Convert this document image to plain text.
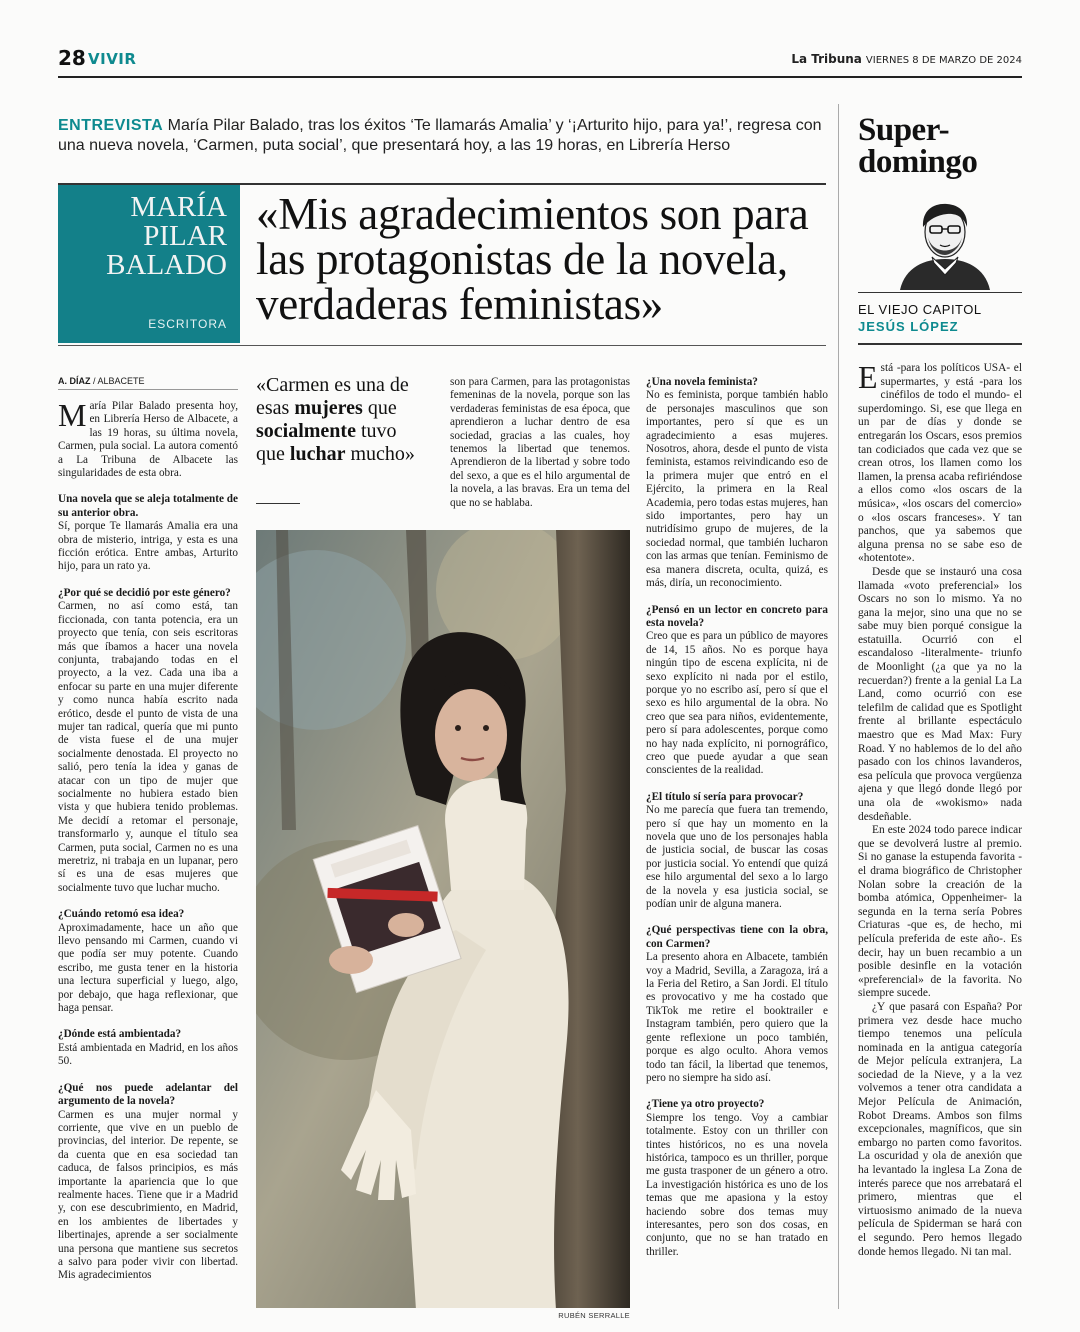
28 VIVIR	La Tribuna VIERNES 8 DE MARZO DE 2024
ENTREVISTA María Pilar Balado, tras los éxitos ‘Te llamarás Amalia’ y ‘¡Arturito hijo, para ya!’, regresa con una nueva novela, ‘Carmen, puta social’, que presentará hoy, a las 19 horas, en Librería Herso
MARÍA
PILAR
BALADO
ESCRITORA
«Mis agradecimientos son para las protagonistas de la novela, verdaderas feministas»
A. DÍAZ / ALBACETE

María Pilar Balado presenta hoy, en Librería Herso de Albacete, a las 19 horas, su última novela, Carmen, pula social. La autora comentó a La Tribuna de Albacete las singularidades de esta obra.

Una novela que se aleja totalmente de su anterior obra.
Sí, porque Te llamarás Amalia era una obra de misterio, intriga, y esta es una ficción erótica. Entre ambas, Arturito hijo, para un rato ya.

¿Por qué se decidió por este género?
Carmen, no así como está, tan ficcionada, con tanta potencia, era un proyecto que tenía, con seis escritoras más que íbamos a hacer una novela conjunta, trabajando todas en el proyecto, a la vez. Cada una iba a enfocar su parte en una mujer diferente y como nunca había escrito nada erótico, desde el punto de vista de una mujer tan radical, quería que mi punto de vista fuese el de una mujer socialmente denostada. El proyecto no salió, pero tenía la idea y ganas de atacar con un tipo de mujer que socialmente no hubiera estado bien vista y que hubiera tenido problemas. Me decidí a retomar el personaje, transformarlo y, aunque el título sea Carmen, puta social, Carmen no es una meretriz, ni trabaja en un lupanar, pero sí es una de esas mujeres que socialmente tuvo que luchar mucho.

¿Cuándo retomó esa idea?
Aproximadamente, hace un año que llevo pensando mi Carmen, cuando vi que podía ser muy potente. Cuando escribo, me gusta tener en la historia una lectura superficial y luego, algo, por debajo, que haga reflexionar, que haga pensar.

¿Dónde está ambientada?
Está ambientada en Madrid, en los años 50.

¿Qué nos puede adelantar del argumento de la novela?
Carmen es una mujer normal y corriente, que vive en un pueblo de provincias, del interior. De repente, se da cuenta que en esa sociedad tan caduca, de falsos principios, es más importante la apariencia que lo que realmente haces. Tiene que ir a Madrid y, con ese descubrimiento, en Madrid, en los ambientes de libertades y libertinajes, aprende a ser socialmente una persona que mantiene sus secretos a salvo para poder vivir con libertad. Mis agradecimientos

«Carmen es una de esas mujeres que socialmente tuvo que luchar mucho»

son para Carmen, para las protagonistas femeninas de la novela, porque son las verdaderas feministas de esa época, que aprendieron a luchar dentro de esa sociedad, gracias a las cuales, hoy tenemos la libertad que tenemos. Aprendieron de la libertad y sobre todo del sexo, a que es el hilo argumental de la novela, a las bravas. Era un tema del que no se hablaba.

RUBÉN SERRALLE

¿Una novela feminista?
No es feminista, porque también hablo de personajes masculinos que son importantes, pero sí que es un agradecimiento a esas mujeres. Nosotros, ahora, desde el punto de vista feminista, estamos reivindicando eso de la primera mujer que entró en el Ejército, la primera en la Real Academia, pero todas estas mujeres, han sido importantes, pero hay un nutridísimo grupo de mujeres, de la sociedad normal, que también lucharon con las armas que tenían. Feminismo de esa manera discreta, oculta, quizá, es más, diría, un reconocimiento.

¿Pensó en un lector en concreto para esta novela?
Creo que es para un público de mayores de 14, 15 años. No es porque haya ningún tipo de escena explícita, ni de sexo explícito ni nada por el estilo, porque yo no escribo así, pero sí que el sexo es hilo argumental de la obra. No creo que sea para niños, evidentemente, pero sí para adolescentes, porque como no hay nada explícito, ni pornográfico, creo que puede ayudar a que sean conscientes de la realidad.

¿El título sí sería para provocar?
No me parecía que fuera tan tremendo, pero sí que hay un momento en la novela que uno de los personajes habla de justicia social, de buscar las cosas por justicia social. Yo entendí que quizá ese hilo argumental del sexo a lo largo de la novela y esa justicia social, se podían unir de alguna manera.

¿Qué perspectivas tiene con la obra, con Carmen?
La presento ahora en Albacete, también voy a Madrid, Sevilla, a Zaragoza, irá a la Feria del Retiro, a San Jordi. El título es provocativo y me ha costado que TikTok me retire el booktrailer e Instagram también, pero quiero que la gente reflexione un poco también, porque es algo oculto. Ahora vemos todo tan fácil, la libertad que tenemos, pero no siempre ha sido así.

¿Tiene ya otro proyecto?
Siempre los tengo. Voy a cambiar totalmente. Estoy con un thriller con tintes históricos, no es una novela histórica, tampoco es un thriller, porque me gusta trasponer de un género a otro. La investigación histórica es uno de los temas que me apasiona y la estoy haciendo sobre dos temas muy interesantes, pero son dos cosas, en conjunto, que no se han tratado en thriller.

Super-
domingo
EL VIEJO CAPITOL
JESÚS LÓPEZ

Está -para los políticos USA- el supermartes, y está -para los cinéfilos de todo el mundo- el superdomingo. Si, ese que llega en un par de días y donde se entregarán los Oscars, esos premios tan codiciados que cada vez que se crean otros, los llamen como los llamen, la prensa acaba refiriéndose a ellos como «los oscars de la música», «los oscars del comercio» o «los oscars franceses». Y tan panchos, que ya sabemos que alguna prensa no se sabe eso de «hotentote».

Desde que se instauró una cosa llamada «voto preferencial» los Oscars no son lo mismo. Ya no gana la mejor, sino una que no se sabe muy bien porqué consigue la estatuilla. Ocurrió con el escandaloso -literalmente- triunfo de Moonlight (¿a que ya no la recuerdan?) frente a la genial La La Land, como ocurrió con ese telefilm de calidad que es Spotlight frente al brillante espectáculo maestro que es Mad Max: Fury Road. Y no hablemos de lo del año pasado con los chinos lavanderos, esa película que provoca vergüenza ajena y que llegó donde llegó por una ola de «wokismo» nada desdeñable.

En este 2024 todo parece indicar que se devolverá lustre al premio. Si no ganase la estupenda favorita -el drama biográfico de Christopher Nolan sobre la creación de la bomba atómica, Oppenheimer- la segunda en la terna sería Pobres Criaturas -que es, de hecho, mi película preferida de este año-. Es decir, hay un buen recambio a un posible desinfle en la votación «preferencial» de la favorita. No siempre sucede.

¿Y que pasará con España? Por primera vez desde hace mucho tiempo tenemos una película nominada en la antigua categoría de Mejor película extranjera, La sociedad de la Nieve, y a la vez volvemos a tener otra candidata a Mejor Película de Animación, Robot Dreams. Ambos son films excepcionales, magníficos, que sin embargo no parten como favoritos. La oscuridad y ola de anexión que ha levantado la inglesa La Zona de interés parece que nos arrebatará el primero, mientras que el virtuosismo animado de la nueva película de Spiderman se hará con el segundo. Pero hemos llegado donde hemos llegado. Ni tan mal.
